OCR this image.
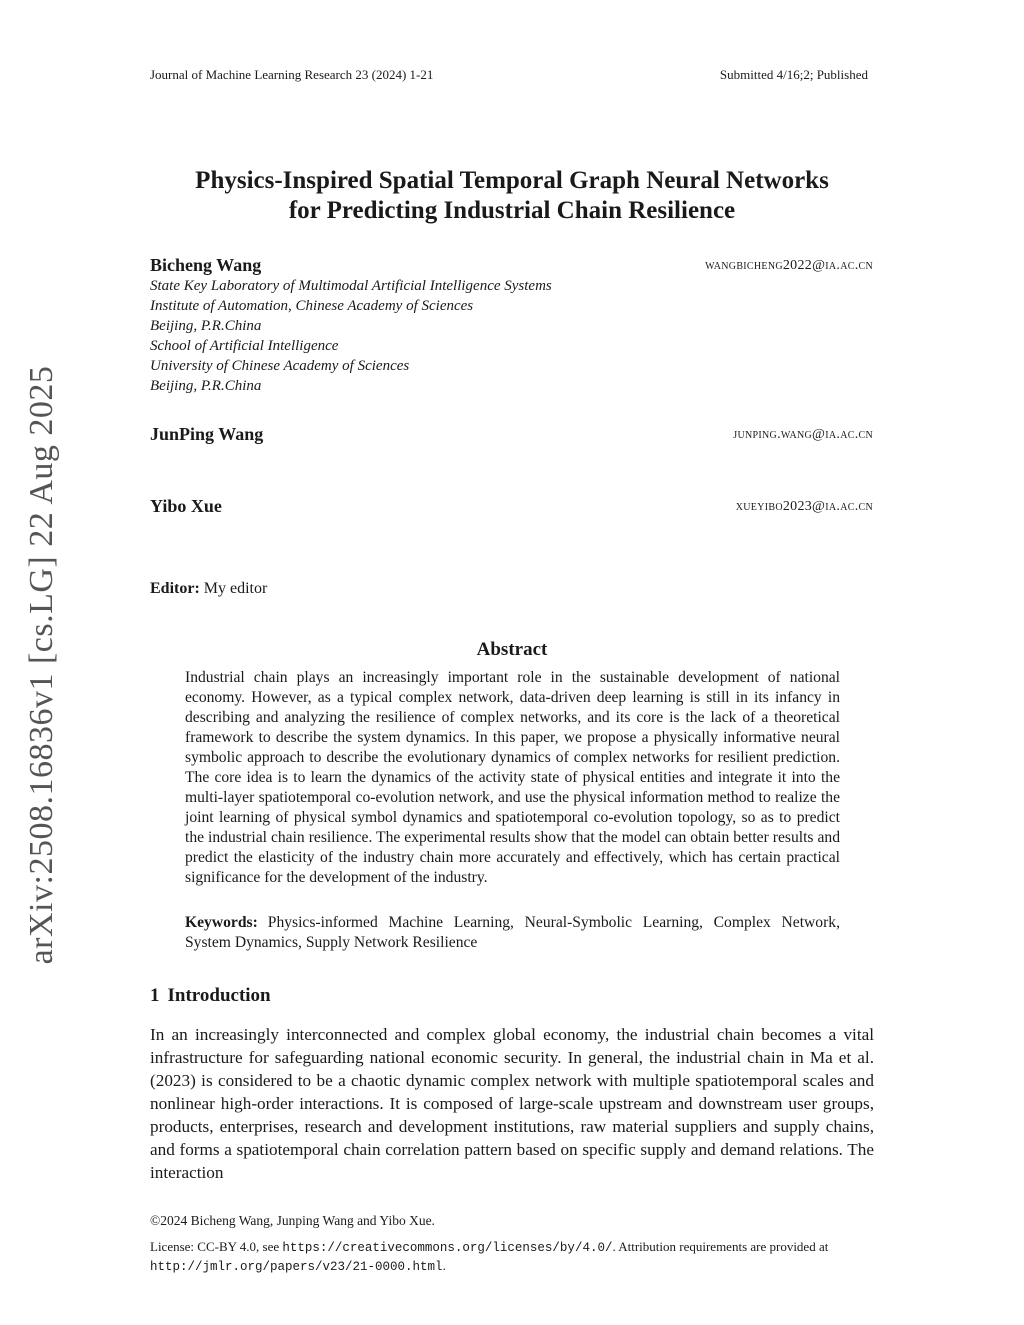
Journal of Machine Learning Research 23 (2024) 1-21	Submitted 4/16;2; Published
arXiv:2508.16836v1 [cs.LG] 22 Aug 2025
Physics-Inspired Spatial Temporal Graph Neural Networks
for Predicting Industrial Chain Resilience
Bicheng Wang	wangbicheng2022@ia.ac.cn
State Key Laboratory of Multimodal Artificial Intelligence Systems
Institute of Automation, Chinese Academy of Sciences
Beijing, P.R.China
School of Artificial Intelligence
University of Chinese Academy of Sciences
Beijing, P.R.China
JunPing Wang	junping.wang@ia.ac.cn
Yibo Xue	xueyibo2023@ia.ac.cn
Editor: My editor
Abstract
Industrial chain plays an increasingly important role in the sustainable development of national economy. However, as a typical complex network, data-driven deep learning is still in its infancy in describing and analyzing the resilience of complex networks, and its core is the lack of a theoretical framework to describe the system dynamics. In this paper, we propose a physically informative neural symbolic approach to describe the evolutionary dynamics of complex networks for resilient prediction. The core idea is to learn the dynamics of the activity state of physical entities and integrate it into the multi-layer spatiotemporal co-evolution network, and use the physical information method to realize the joint learning of physical symbol dynamics and spatiotemporal co-evolution topology, so as to predict the industrial chain resilience. The experimental results show that the model can obtain better results and predict the elasticity of the industry chain more accurately and effectively, which has certain practical significance for the development of the industry.
Keywords: Physics-informed Machine Learning, Neural-Symbolic Learning, Complex Network, System Dynamics, Supply Network Resilience
1 Introduction
In an increasingly interconnected and complex global economy, the industrial chain becomes a vital infrastructure for safeguarding national economic security. In general, the industrial chain in Ma et al. (2023) is considered to be a chaotic dynamic complex network with multiple spatiotemporal scales and nonlinear high-order interactions. It is composed of large-scale upstream and downstream user groups, products, enterprises, research and development institutions, raw material suppliers and supply chains, and forms a spatiotemporal chain correlation pattern based on specific supply and demand relations. The interaction
©2024 Bicheng Wang, Junping Wang and Yibo Xue.
License: CC-BY 4.0, see https://creativecommons.org/licenses/by/4.0/. Attribution requirements are provided at http://jmlr.org/papers/v23/21-0000.html.
